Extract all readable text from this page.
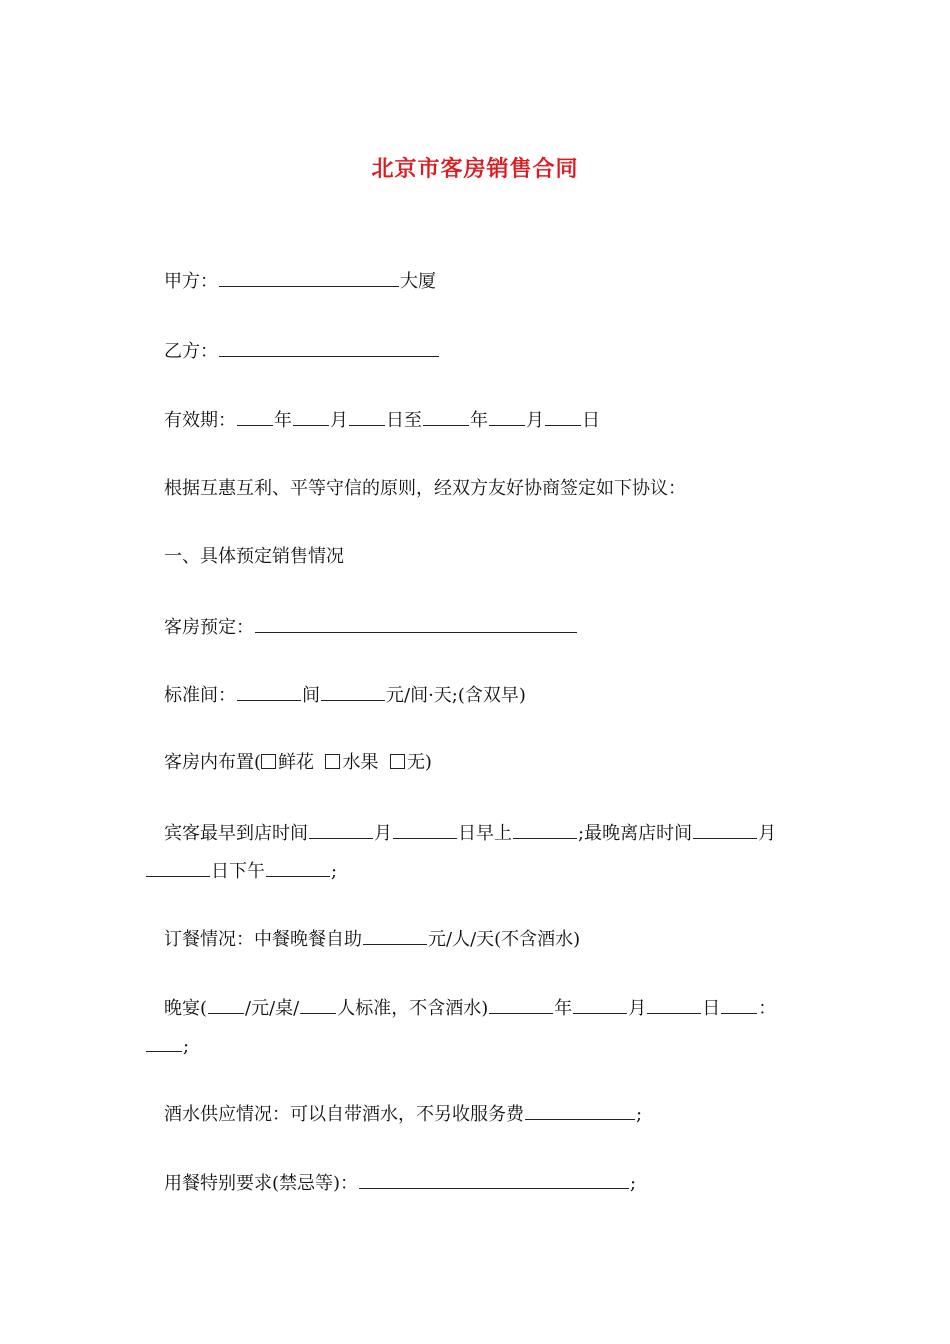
北京市客房销售合同
甲方：	大厦
乙方：
有效期： 年 月 日至	年 月 日
根据互惠互利、平等守信的原则，经双方友好协商签定如下协议：
一、具体预定销售情况
客房预定：
标准间：	间	元/间·天;(含双早)
客房内布置( 鲜花 水果 无)
宾客最早到店时间	月	日早上	;最晚离店时间	月
日下午	;
订餐情况：中餐晚餐自助	元/人/天(不含酒水)
晚宴( /元/桌/ 人标准，不含酒水)	年	月	日 ：
;
酒水供应情况：可以自带酒水，不另收服务费	;
用餐特别要求(禁忌等)：	;
